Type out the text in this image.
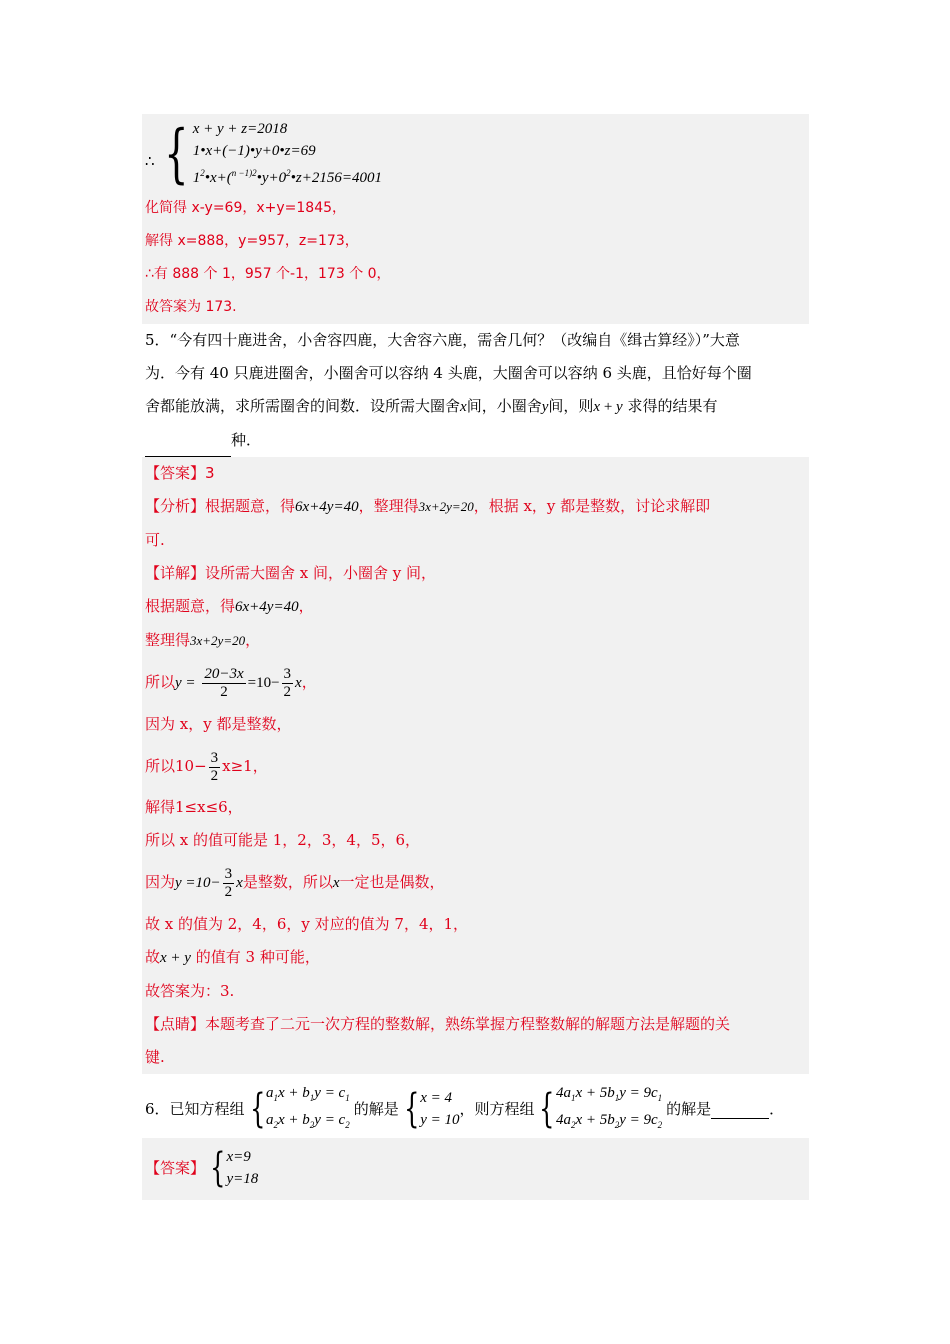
∴ { x + y + z=2018
1•x+(−1)•y+0•z=69
$1^2•x+(^{n -1)2}•y+0^2•z+2156=4001$
化简得 x-y=69，x+y=1845，
解得 x=888，y=957，z=173，
∴有 888 个 1，957 个-1，173 个 0，
故答案为 173.
5．“今有四十鹿进舍，小舍容四鹿，大舍容六鹿，需舍几何？（改编自《缉古算经》）”大意
为．今有 40 只鹿进圈舍，小圈舍可以容纳 4 头鹿，大圈舍可以容纳 6 头鹿，且恰好每个圈
舍都能放满，求所需圈舍的间数．设所需大圈舍x间，小圈舍y间，则x + y 求得的结果有
种．
【答案】3
【分析】根据题意，得6x+4y=40，整理得3x+2y=20，根据 x，y 都是整数，讨论求解即
可.
【详解】设所需大圈舍 x 间，小圈舍 y 间，
根据题意，得6x+4y=40，
整理得3x+2y=20，
所以$y = \frac{20-3x}{2} =10- \frac{3}{2}$ x，
因为 x，y 都是整数，
所以$10- \frac{3}{2} x\ge 1$，
解得1≤x≤6，
所以 x 的值可能是 1，2，3，4，5，6，
因为$y =10- \frac{3}{2}$ x是整数，所以x一定也是偶数，
故 x 的值为 2，4，6，y 对应的值为 7，4，1，
故x + y 的值有 3 种可能，
故答案为：3.
【点睛】本题考查了二元一次方程的整数解，熟练掌握方程整数解的解题方法是解题的关
键.
6．已知方程组 { $a_1x + b_1y = c_1$
$a_2x + b_2y = c_2$
的解是 { x = 4
y = 10
，则方程组 { $4a_1x + 5b_1y = 9c_1$
$4a_2x + 5b_2y = 9c_2$
的解是	．
【答案】 { x=9
y=18
